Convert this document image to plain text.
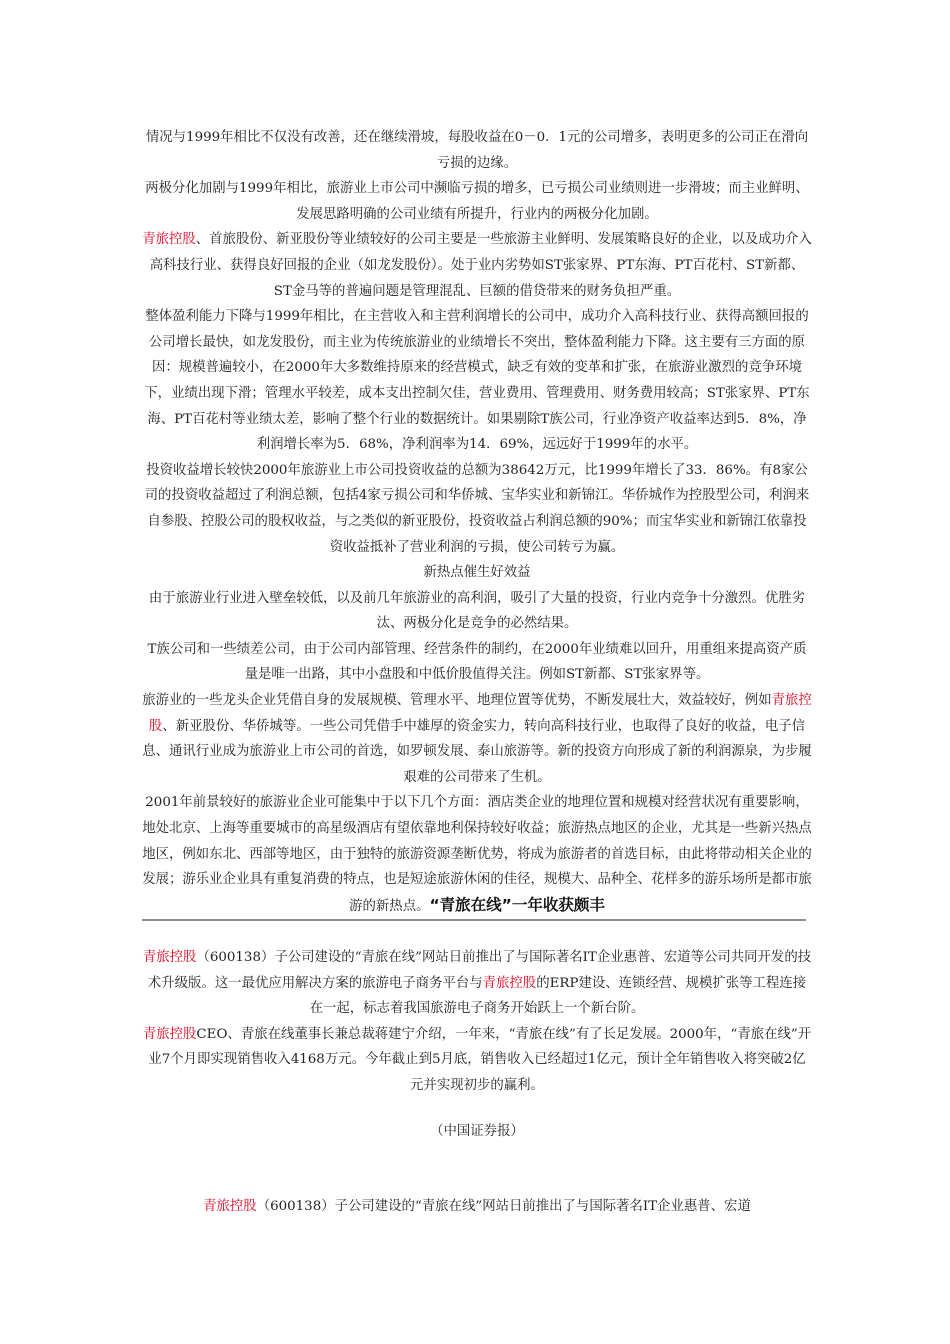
情况与1999年相比不仅没有改善，还在继续滑坡，每股收益在0－0．1元的公司增多，表明更多的公司正在滑向亏损的边缘。

两极分化加剧与1999年相比，旅游业上市公司中濒临亏损的增多，已亏损公司业绩则进一步滑坡；而主业鲜明、发展思路明确的公司业绩有所提升，行业内的两极分化加剧。

青旅控股、首旅股份、新亚股份等业绩较好的公司主要是一些旅游主业鲜明、发展策略良好的企业，以及成功介入高科技行业、获得良好回报的企业（如龙发股份）。处于业内劣势如ST张家界、PT东海、PT百花村、ST新都、ST金马等的普遍问题是管理混乱、巨额的借贷带来的财务负担严重。

整体盈利能力下降与1999年相比，在主营收入和主营利润增长的公司中，成功介入高科技行业、获得高额回报的公司增长最快，如龙发股份，而主业为传统旅游业的业绩增长不突出，整体盈利能力下降。这主要有三方面的原因：规模普遍较小，在2000年大多数维持原来的经营模式，缺乏有效的变革和扩张，在旅游业激烈的竞争环境下，业绩出现下滑；管理水平较差，成本支出控制欠佳，营业费用、管理费用、财务费用较高；ST张家界、PT东海、PT百花村等业绩太差，影响了整个行业的数据统计。如果剔除T族公司，行业净资产收益率达到5．8%，净利润增长率为5．68%，净利润率为14．69%，远远好于1999年的水平。

投资收益增长较快2000年旅游业上市公司投资收益的总额为38642万元，比1999年增长了33．86%。有8家公司的投资收益超过了利润总额，包括4家亏损公司和华侨城、宝华实业和新锦江。华侨城作为控股型公司，利润来自参股、控股公司的股权收益，与之类似的新亚股份，投资收益占利润总额的90%；而宝华实业和新锦江依靠投资收益抵补了营业利润的亏损，使公司转亏为赢。

新热点催生好效益

由于旅游业行业进入壁垒较低，以及前几年旅游业的高利润，吸引了大量的投资，行业内竞争十分激烈。优胜劣汰、两极分化是竞争的必然结果。

T族公司和一些绩差公司，由于公司内部管理、经营条件的制约，在2000年业绩难以回升，用重组来提高资产质量是唯一出路，其中小盘股和中低价股值得关注。例如ST新都、ST张家界等。

旅游业的一些龙头企业凭借自身的发展规模、管理水平、地理位置等优势，不断发展壮大，效益较好，例如青旅控股、新亚股份、华侨城等。一些公司凭借手中雄厚的资金实力，转向高科技行业，也取得了良好的收益，电子信息、通讯行业成为旅游业上市公司的首选，如罗顿发展、泰山旅游等。新的投资方向形成了新的利润源泉，为步履艰难的公司带来了生机。

2001年前景较好的旅游业企业可能集中于以下几个方面：酒店类企业的地理位置和规模对经营状况有重要影响，地处北京、上海等重要城市的高星级酒店有望依靠地利保持较好收益；旅游热点地区的企业，尤其是一些新兴热点地区，例如东北、西部等地区，由于独特的旅游资源垄断优势，将成为旅游者的首选目标，由此将带动相关企业的发展；游乐业企业具有重复消费的特点，也是短途旅游休闲的佳径，规模大、品种全、花样多的游乐场所是都市旅游的新热点。“青旅在线”一年收获颇丰

青旅控股（600138）子公司建设的“青旅在线”网站日前推出了与国际著名IT企业惠普、宏道等公司共同开发的技术升级版。这一最优应用解决方案的旅游电子商务平台与青旅控股的ERP建设、连锁经营、规模扩张等工程连接在一起，标志着我国旅游电子商务开始跃上一个新台阶。

青旅控股CEO、青旅在线董事长兼总裁蒋建宁介绍，一年来，“青旅在线”有了长足发展。2000年，“青旅在线”开业7个月即实现销售收入4168万元。今年截止到5月底，销售收入已经超过1亿元，预计全年销售收入将突破2亿元并实现初步的赢利。

（中国证券报）

青旅控股（600138）子公司建设的“青旅在线”网站日前推出了与国际著名IT企业惠普、宏道
